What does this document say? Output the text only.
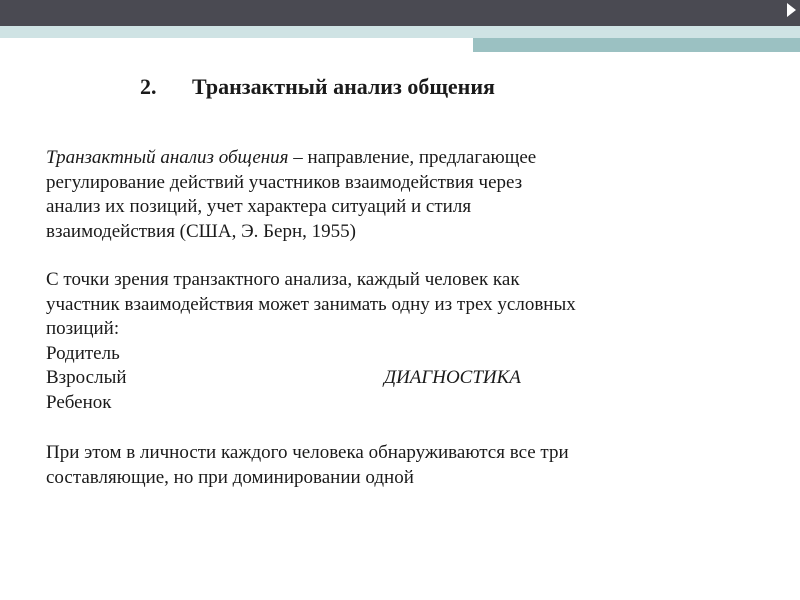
2. Транзактный анализ общения
Транзактный анализ общения – направление, предлагающее
регулирование действий участников взаимодействия через
анализ их позиций, учет характера ситуаций и стиля
взаимодействия (США, Э. Берн, 1955)
С точки зрения транзактного анализа, каждый человек как
участник взаимодействия может занимать одну из трех условных
позиций:
Родитель
Взрослый	ДИАГНОСТИКА
Ребенок
При этом в личности каждого человека обнаруживаются все три
составляющие, но при доминировании одной
